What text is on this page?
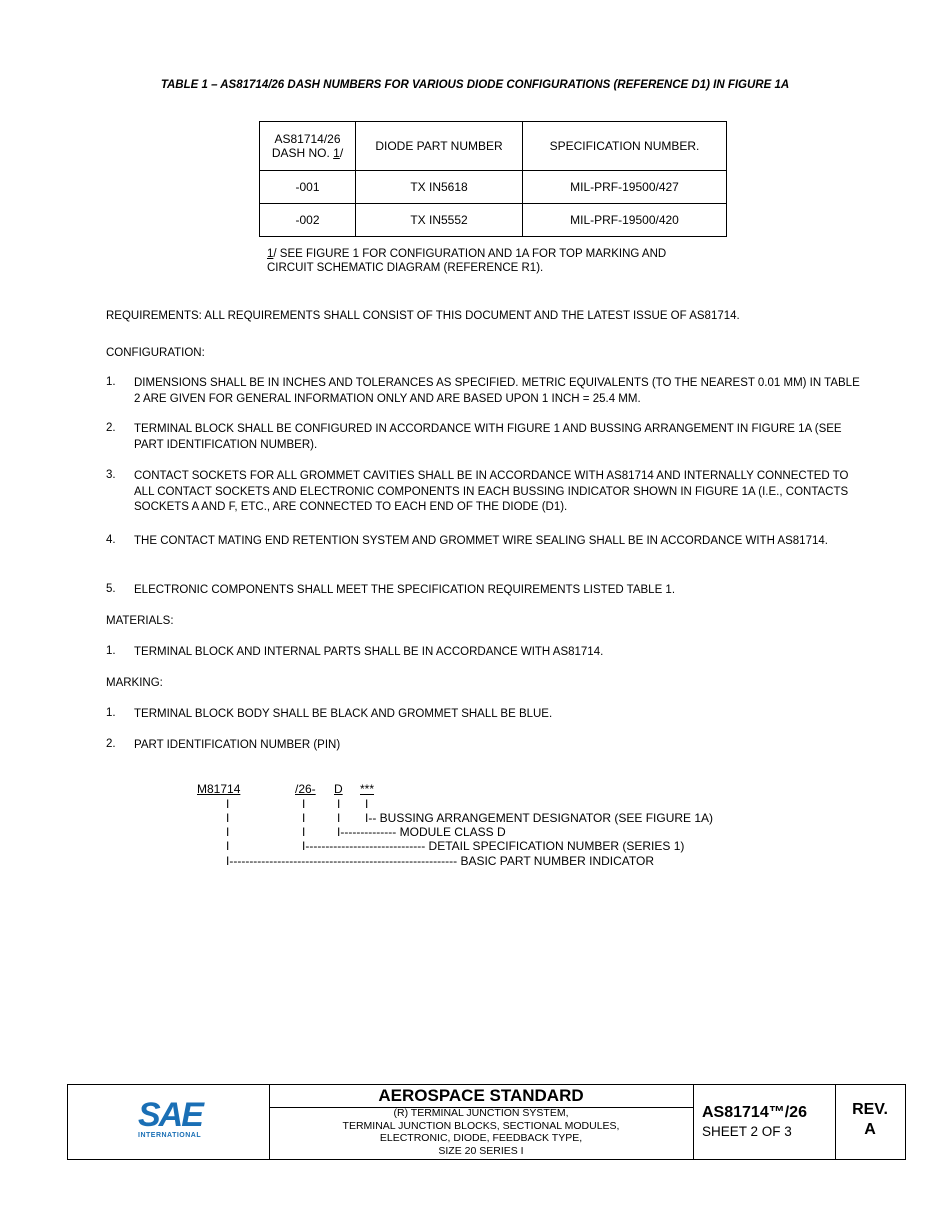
TABLE 1 – AS81714/26 DASH NUMBERS FOR VARIOUS DIODE CONFIGURATIONS (REFERENCE D1) IN FIGURE 1A
AS81714/26
DASH NO. 1/	DIODE PART NUMBER	SPECIFICATION NUMBER.
-001	TX IN5618	MIL-PRF-19500/427
-002	TX IN5552	MIL-PRF-19500/420
1/ SEE FIGURE 1 FOR CONFIGURATION AND 1A FOR TOP MARKING AND
CIRCUIT SCHEMATIC DIAGRAM (REFERENCE R1).
REQUIREMENTS: ALL REQUIREMENTS SHALL CONSIST OF THIS DOCUMENT AND THE LATEST ISSUE OF AS81714.
CONFIGURATION:
1. DIMENSIONS SHALL BE IN INCHES AND TOLERANCES AS SPECIFIED. METRIC EQUIVALENTS (TO THE NEAREST 0.01 MM) IN TABLE 2 ARE GIVEN FOR GENERAL INFORMATION ONLY AND ARE BASED UPON 1 INCH = 25.4 MM.
2. TERMINAL BLOCK SHALL BE CONFIGURED IN ACCORDANCE WITH FIGURE 1 AND BUSSING ARRANGEMENT IN FIGURE 1A (SEE PART IDENTIFICATION NUMBER).
3. CONTACT SOCKETS FOR ALL GROMMET CAVITIES SHALL BE IN ACCORDANCE WITH AS81714 AND INTERNALLY CONNECTED TO ALL CONTACT SOCKETS AND ELECTRONIC COMPONENTS IN EACH BUSSING INDICATOR SHOWN IN FIGURE 1A (I.E., CONTACTS SOCKETS A AND F, ETC., ARE CONNECTED TO EACH END OF THE DIODE (D1).
4. THE CONTACT MATING END RETENTION SYSTEM AND GROMMET WIRE SEALING SHALL BE IN ACCORDANCE WITH AS81714.
5. ELECTRONIC COMPONENTS SHALL MEET THE SPECIFICATION REQUIREMENTS LISTED TABLE 1.
MATERIALS:
1. TERMINAL BLOCK AND INTERNAL PARTS SHALL BE IN ACCORDANCE WITH AS81714.
MARKING:
1. TERMINAL BLOCK BODY SHALL BE BLACK AND GROMMET SHALL BE BLUE.
2. PART IDENTIFICATION NUMBER (PIN)
M81714	/26- D ***
I	I	I I
I	I	I I-- BUSSING ARRANGEMENT DESIGNATOR (SEE FIGURE 1A)
I	I	I-------------- MODULE CLASS D
I	I------------------------------ DETAIL SPECIFICATION NUMBER (SERIES 1)
I--------------------------------------------------------- BASIC PART NUMBER INDICATOR
SAE
INTERNATIONAL
AEROSPACE STANDARD
(R) TERMINAL JUNCTION SYSTEM,
TERMINAL JUNCTION BLOCKS, SECTIONAL MODULES,
ELECTRONIC, DIODE, FEEDBACK TYPE,
SIZE 20 SERIES I
AS81714™/26
SHEET 2 OF 3
REV.
A
